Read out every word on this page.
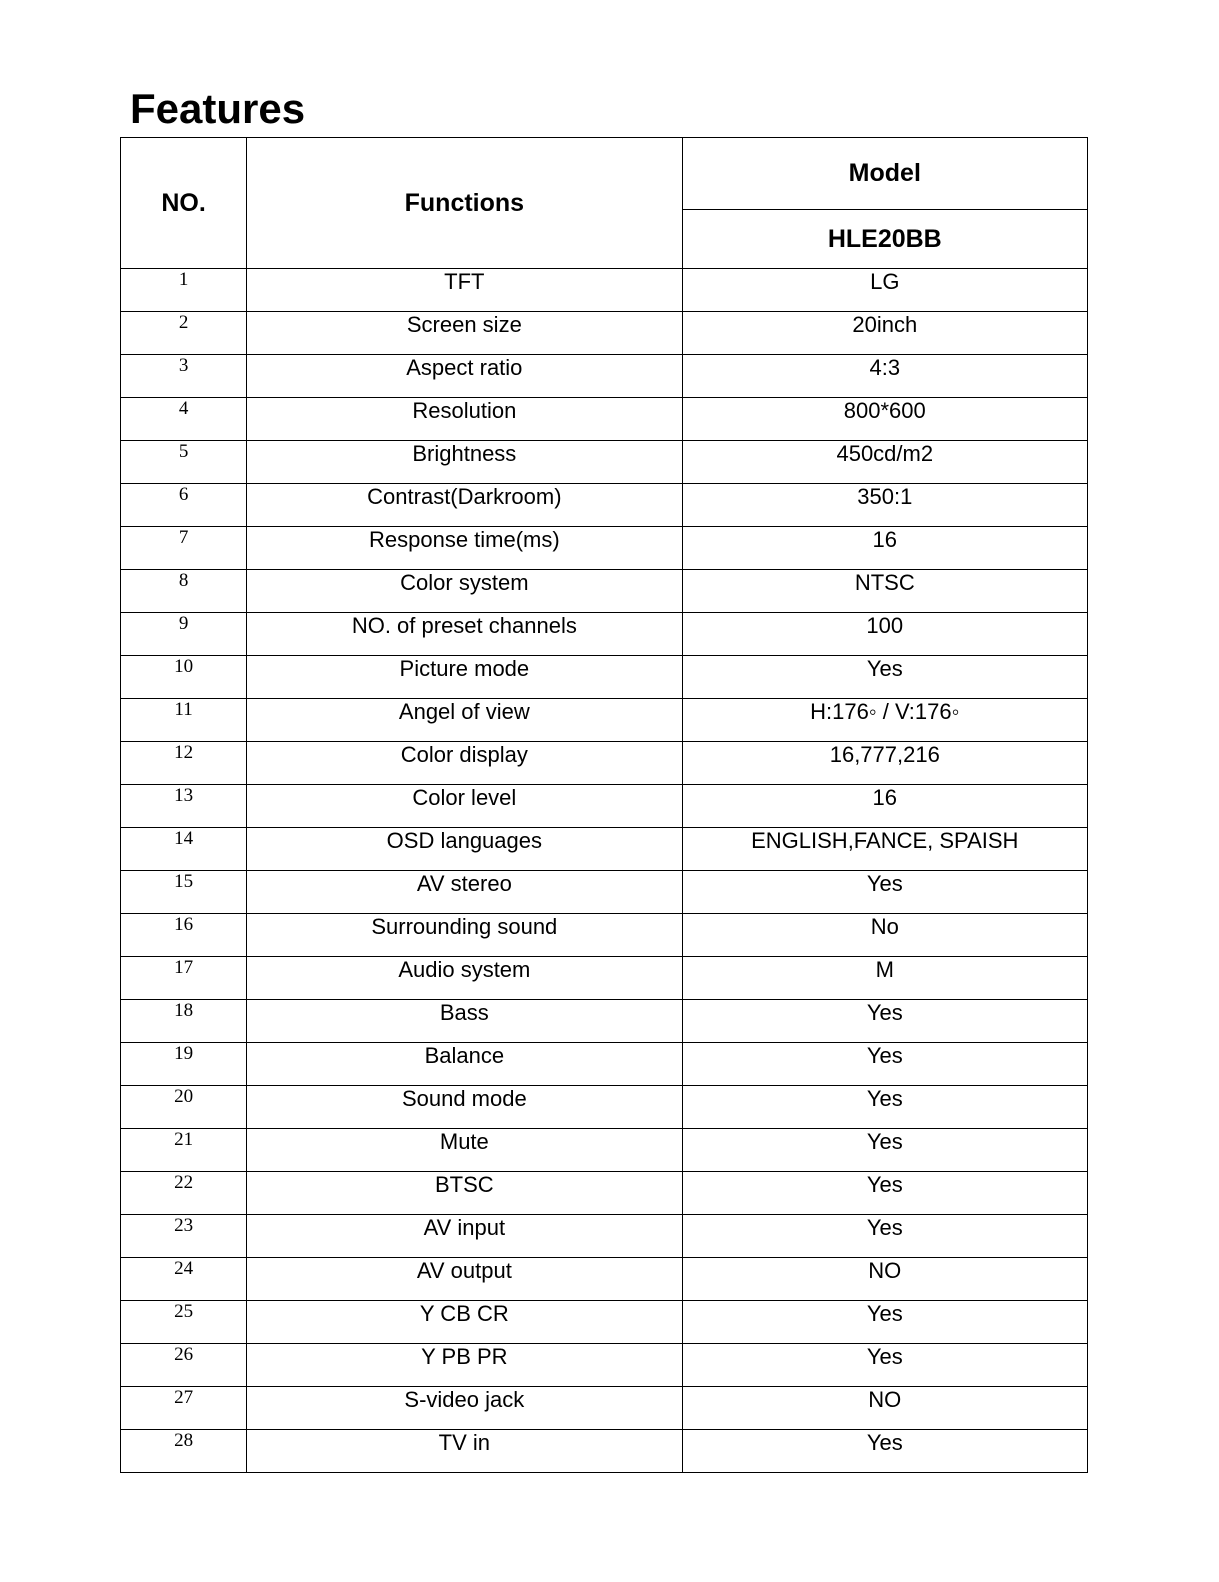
Features
NO.	Functions	Model
		HLE20BB
1	TFT	LG
2	Screen size	20inch
3	Aspect ratio	4:3
4	Resolution	800*600
5	Brightness	450cd/m2
6	Contrast(Darkroom)	350:1
7	Response time(ms)	16
8	Color system	NTSC
9	NO. of preset channels	100
10	Picture mode	Yes
11	Angel of view	H:176◦ / V:176◦
12	Color display	16,777,216
13	Color level	16
14	OSD languages	ENGLISH,FANCE, SPAISH
15	AV stereo	Yes
16	Surrounding sound	No
17	Audio system	M
18	Bass	Yes
19	Balance	Yes
20	Sound mode	Yes
21	Mute	Yes
22	BTSC	Yes
23	AV input	Yes
24	AV output	NO
25	Y CB CR	Yes
26	Y PB PR	Yes
27	S-video jack	NO
28	TV in	Yes
